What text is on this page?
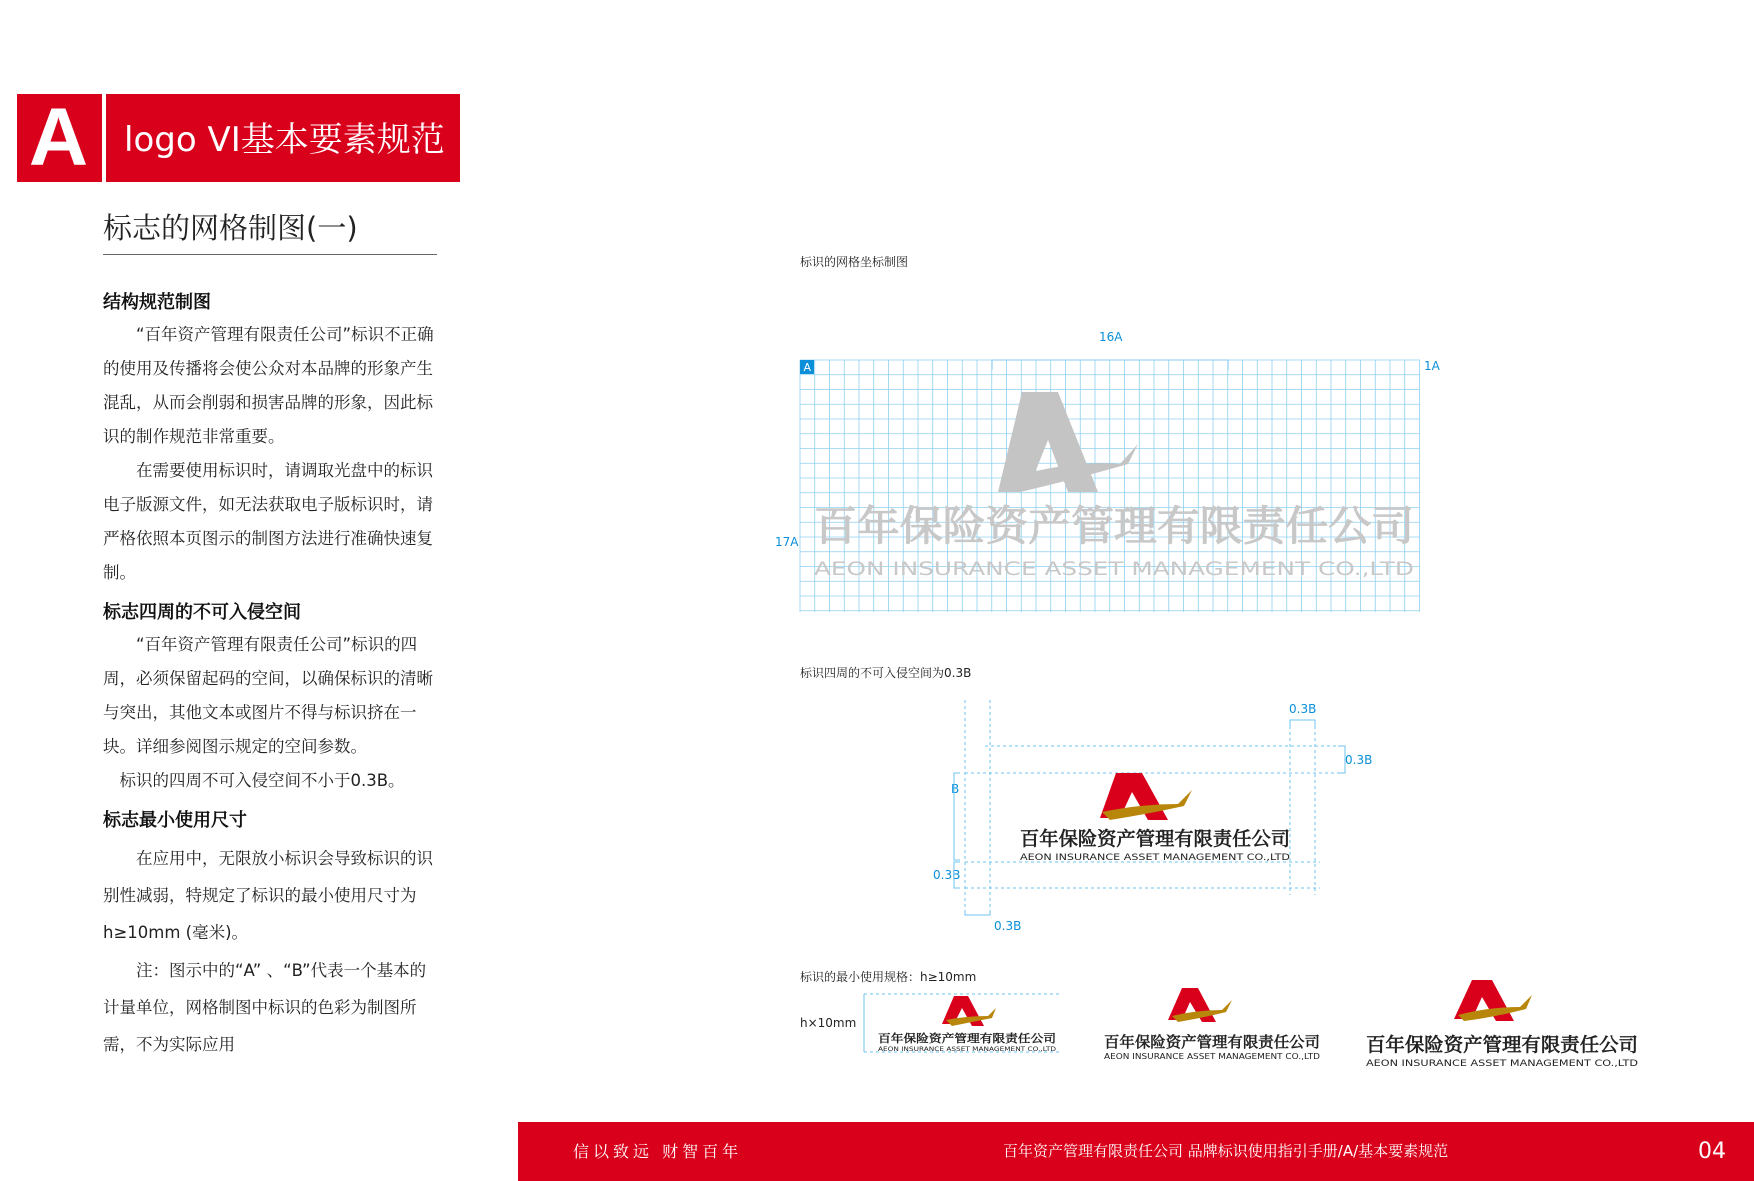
A	logo VI基本要素规范
标志的网格制图(一)
结构规范制图
“百年资产管理有限责任公司”标识不正确的使用及传播将会使公众对本品牌的形象产生混乱，从而会削弱和损害品牌的形象，因此标识的制作规范非常重要。
在需要使用标识时，请调取光盘中的标识电子版源文件，如无法获取电子版标识时，请严格依照本页图示的制图方法进行准确快速复制。
标志四周的不可入侵空间
“百年资产管理有限责任公司”标识的四周，必须保留起码的空间，以确保标识的清晰与突出，其他文本或图片不得与标识挤在一块。详细参阅图示规定的空间参数。
标识的四周不可入侵空间不小于0.3B。
标志最小使用尺寸
在应用中，无限放小标识会导致标识的识别性减弱，特规定了标识的最小使用尺寸为h≥10mm (毫米)。
注：图示中的“A” 、“B”代表一个基本的计量单位，网格制图中标识的色彩为制图所需，不为实际应用
标识的网格坐标制图
16A
1A
17A
A
百年保险资产管理有限责任公司
AEON INSURANCE ASSET MANAGEMENT CO.,LTD
标识四周的不可入侵空间为0.3B
0.3B
0.3B
B
0.3B
0.3B
百年保险资产管理有限责任公司
AEON INSURANCE ASSET MANAGEMENT CO.,LTD
标识的最小使用规格：h≥10mm
h×10mm
百年保险资产管理有限责任公司
AEON INSURANCE ASSET MANAGEMENT CO.,LTD	百年保险资产管理有限责任公司
AEON INSURANCE ASSET MANAGEMENT CO.,LTD
百年保险资产管理有限责任公司
AEON INSURANCE ASSET MANAGEMENT CO.,LTD
信以致远 财智百年	百年资产管理有限责任公司 品牌标识使用指引手册/A/基本要素规范	04
